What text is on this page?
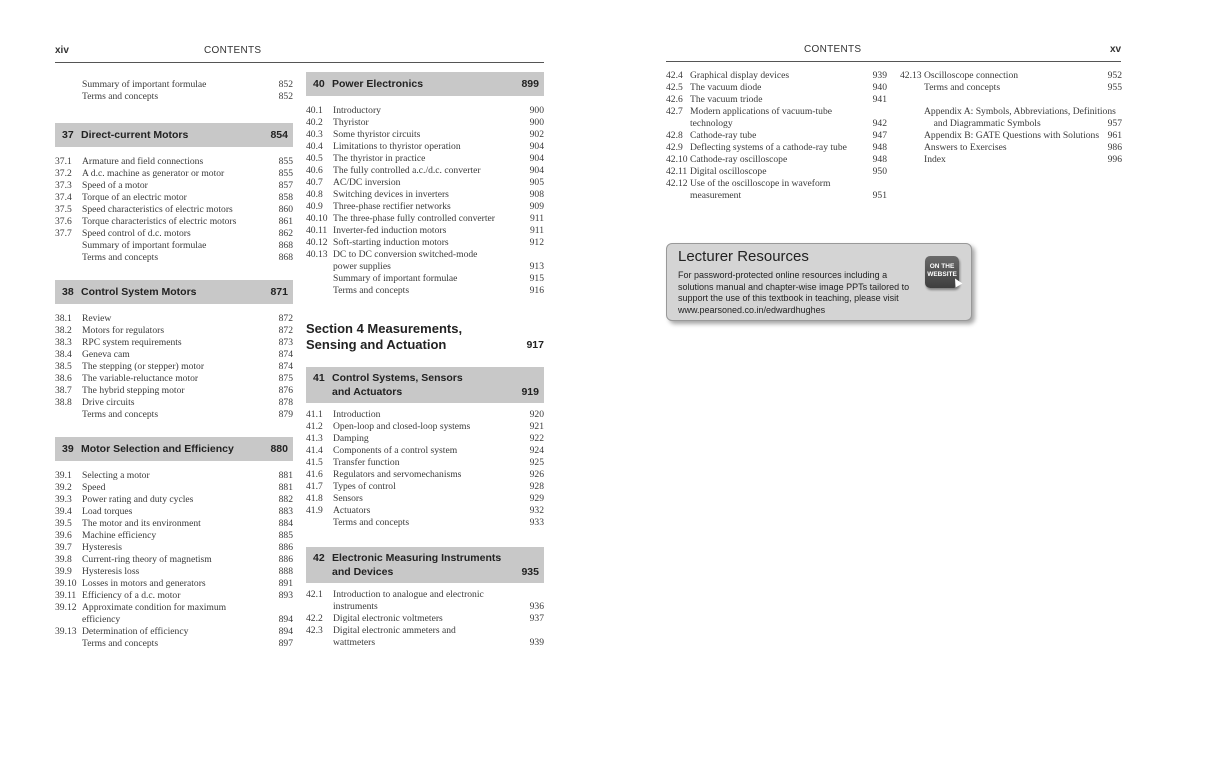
xiv	CONTENTS	CONTENTS	xv
Summary of important formulae	852
Terms and concepts	852
37 Direct-current Motors	854
37.1 Armature and field connections	855
37.2 A d.c. machine as generator or motor	855
37.3 Speed of a motor	857
37.4 Torque of an electric motor	858
37.5 Speed characteristics of electric motors	860
37.6 Torque characteristics of electric motors	861
37.7 Speed control of d.c. motors	862
Summary of important formulae	868
Terms and concepts	868
38 Control System Motors	871
38.1 Review	872
38.2 Motors for regulators	872
38.3 RPC system requirements	873
38.4 Geneva cam	874
38.5 The stepping (or stepper) motor	874
38.6 The variable-reluctance motor	875
38.7 The hybrid stepping motor	876
38.8 Drive circuits	878
Terms and concepts	879
39 Motor Selection and Efficiency	880
39.1 Selecting a motor	881
39.2 Speed	881
39.3 Power rating and duty cycles	882
39.4 Load torques	883
39.5 The motor and its environment	884
39.6 Machine efficiency	885
39.7 Hysteresis	886
39.8 Current-ring theory of magnetism	886
39.9 Hysteresis loss	888
39.10 Losses in motors and generators	891
39.11 Efficiency of a d.c. motor	893
39.12 Approximate condition for maximum
efficiency	894
39.13 Determination of efficiency	894
Terms and concepts	897
40 Power Electronics	899
40.1 Introductory	900
40.2 Thyristor	900
40.3 Some thyristor circuits	902
40.4 Limitations to thyristor operation	904
40.5 The thyristor in practice	904
40.6 The fully controlled a.c./d.c. converter	904
40.7 AC/DC inversion	905
40.8 Switching devices in inverters	908
40.9 Three-phase rectifier networks	909
40.10 The three-phase fully controlled converter	911
40.11 Inverter-fed induction motors	911
40.12 Soft-starting induction motors	912
40.13 DC to DC conversion switched-mode
power supplies	913
Summary of important formulae	915
Terms and concepts	916
Section 4 Measurements,
Sensing and Actuation	917
41 Control Systems, Sensors
and Actuators	919
41.1 Introduction	920
41.2 Open-loop and closed-loop systems	921
41.3 Damping	922
41.4 Components of a control system	924
41.5 Transfer function	925
41.6 Regulators and servomechanisms	926
41.7 Types of control	928
41.8 Sensors	929
41.9 Actuators	932
Terms and concepts	933
42 Electronic Measuring Instruments
and Devices	935
42.1 Introduction to analogue and electronic
instruments	936
42.2 Digital electronic voltmeters	937
42.3 Digital electronic ammeters and
wattmeters	939
42.4 Graphical display devices	939
42.5 The vacuum diode	940
42.6 The vacuum triode	941
42.7 Modern applications of vacuum-tube
technology	942
42.8 Cathode-ray tube	947
42.9 Deflecting systems of a cathode-ray tube	948
42.10 Cathode-ray oscilloscope	948
42.11 Digital oscilloscope	950
42.12 Use of the oscilloscope in waveform
measurement	951
42.13 Oscilloscope connection	952
Terms and concepts	955
Appendix A: Symbols, Abbreviations, Definitions
and Diagrammatic Symbols	957
Appendix B: GATE Questions with Solutions 961
Answers to Exercises	986
Index	996
Lecturer Resources
For password-protected online resources including a solutions manual and chapter-wise image PPTs tailored to support the use of this textbook in teaching, please visit www.pearsoned.co.in/edwardhughes
ON THE
WEBSITE
